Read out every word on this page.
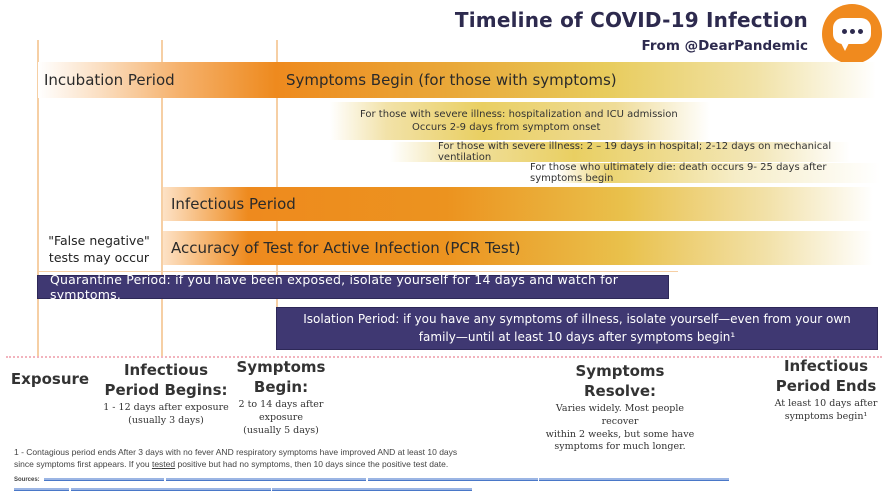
Timeline of COVID-19 Infection
From @DearPandemic
Incubation Period	Symptoms Begin (for those with symptoms)
For those with severe illness: hospitalization and ICU admission
Occurs 2-9 days from symptom onset
For those with severe illness: 2 – 19 days in hospital; 2-12 days on mechanical ventilation
For those who ultimately die: death occurs 9- 25 days after symptoms begin
Infectious Period
"False negative"
tests may occur
Accuracy of Test for Active Infection (PCR Test)
Quarantine Period: if you have been exposed, isolate yourself for 14 days and watch for symptoms.
Isolation Period: if you have any symptoms of illness, isolate yourself—even from your own
family—until at least 10 days after symptoms begin¹
Exposure	Infectious Period Begins:
1 - 12 days after exposure
(usually 3 days)
Symptoms Begin:
2 to 14 days after
exposure
(usually 5 days)
Symptoms Resolve:
Varies widely. Most people recover
within 2 weeks, but some have
symptoms for much longer.
Infectious Period Ends
At least 10 days after
symptoms begin¹
1 - Contagious period ends After 3 days with no fever AND respiratory symptoms have improved AND at least 10 days
since symptoms first appears. If you tested positive but had no symptoms, then 10 days since the positive test date.
Sources:
